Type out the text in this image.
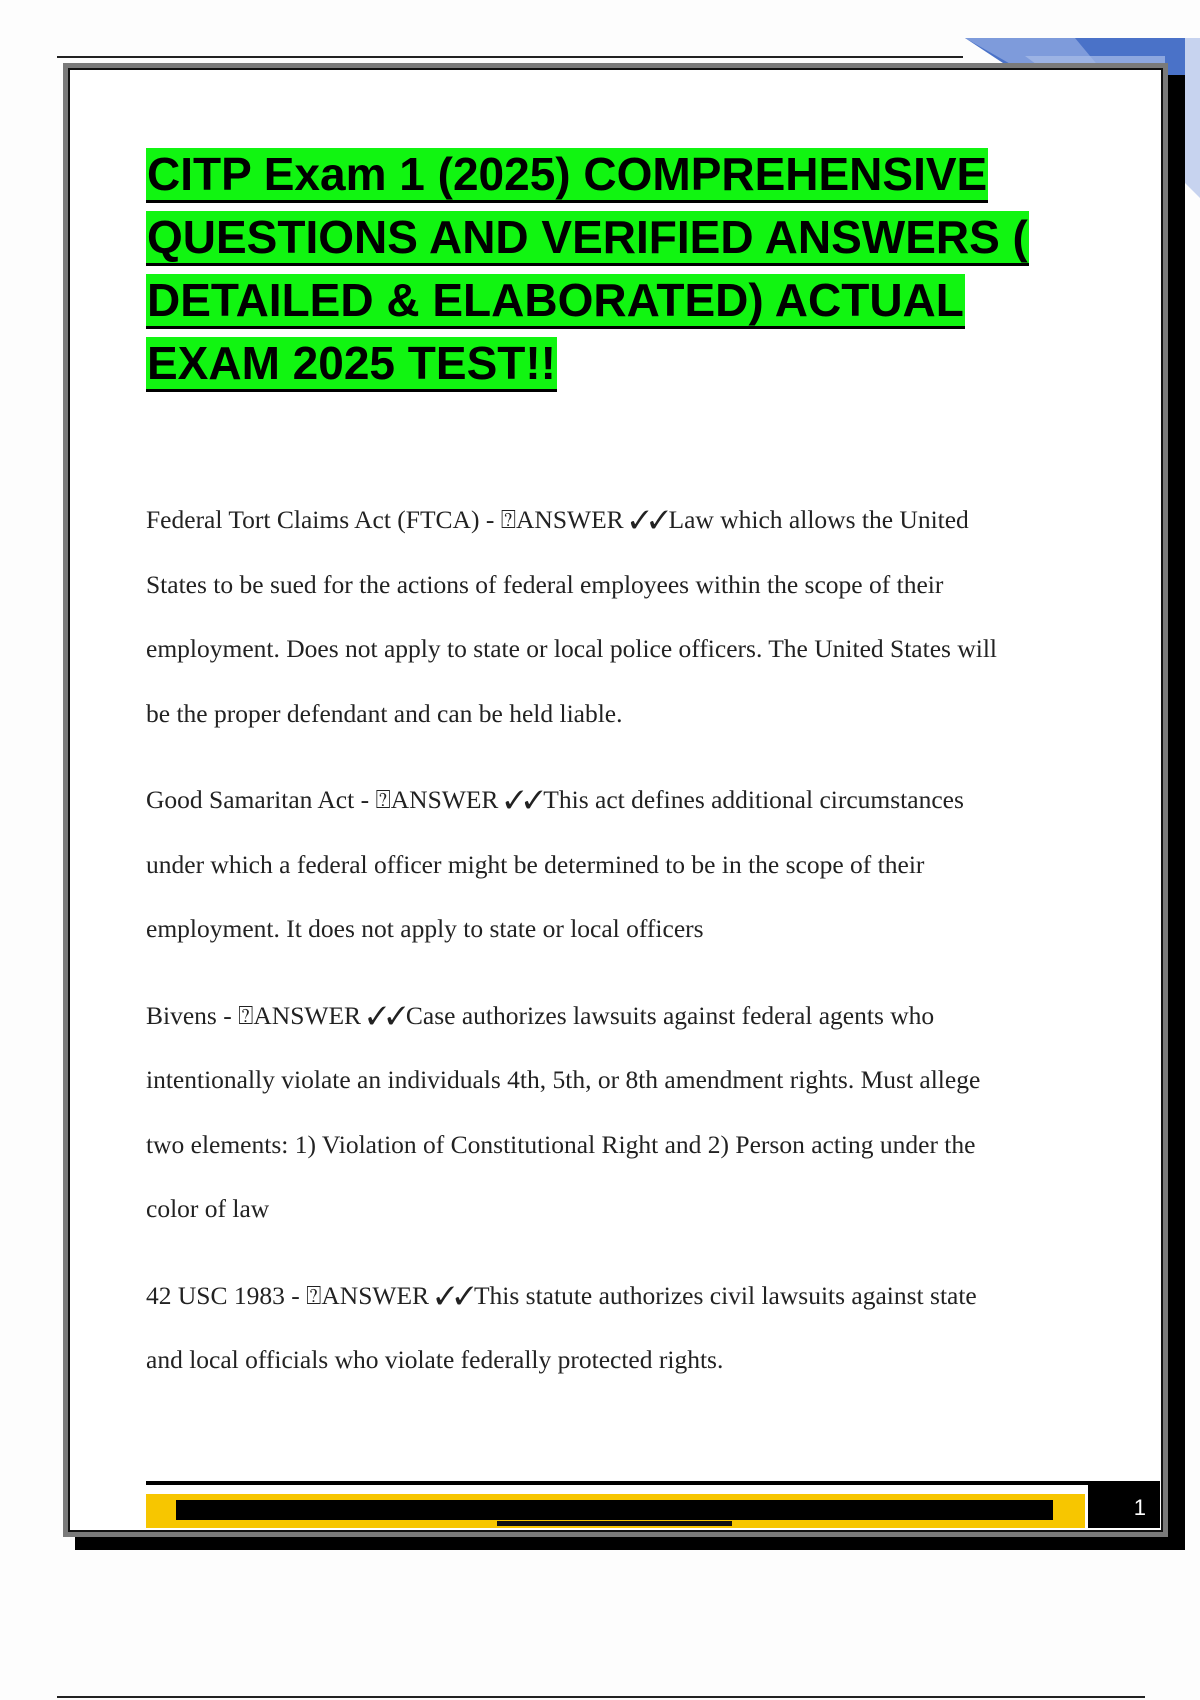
CITP Exam 1 (2025) COMPREHENSIVE
QUESTIONS AND VERIFIED ANSWERS (
DETAILED & ELABORATED) ACTUAL
EXAM 2025 TEST!!
Federal Tort Claims Act (FTCA) - ⍰ANSWER ✓✓Law which allows the United
States to be sued for the actions of federal employees within the scope of their
employment. Does not apply to state or local police officers. The United States will
be the proper defendant and can be held liable.
Good Samaritan Act - ⍰ANSWER ✓✓This act defines additional circumstances
under which a federal officer might be determined to be in the scope of their
employment. It does not apply to state or local officers
Bivens - ⍰ANSWER ✓✓Case authorizes lawsuits against federal agents who
intentionally violate an individuals 4th, 5th, or 8th amendment rights. Must allege
two elements: 1) Violation of Constitutional Right and 2) Person acting under the
color of law
42 USC 1983 - ⍰ANSWER ✓✓This statute authorizes civil lawsuits against state
and local officials who violate federally protected rights.
1
